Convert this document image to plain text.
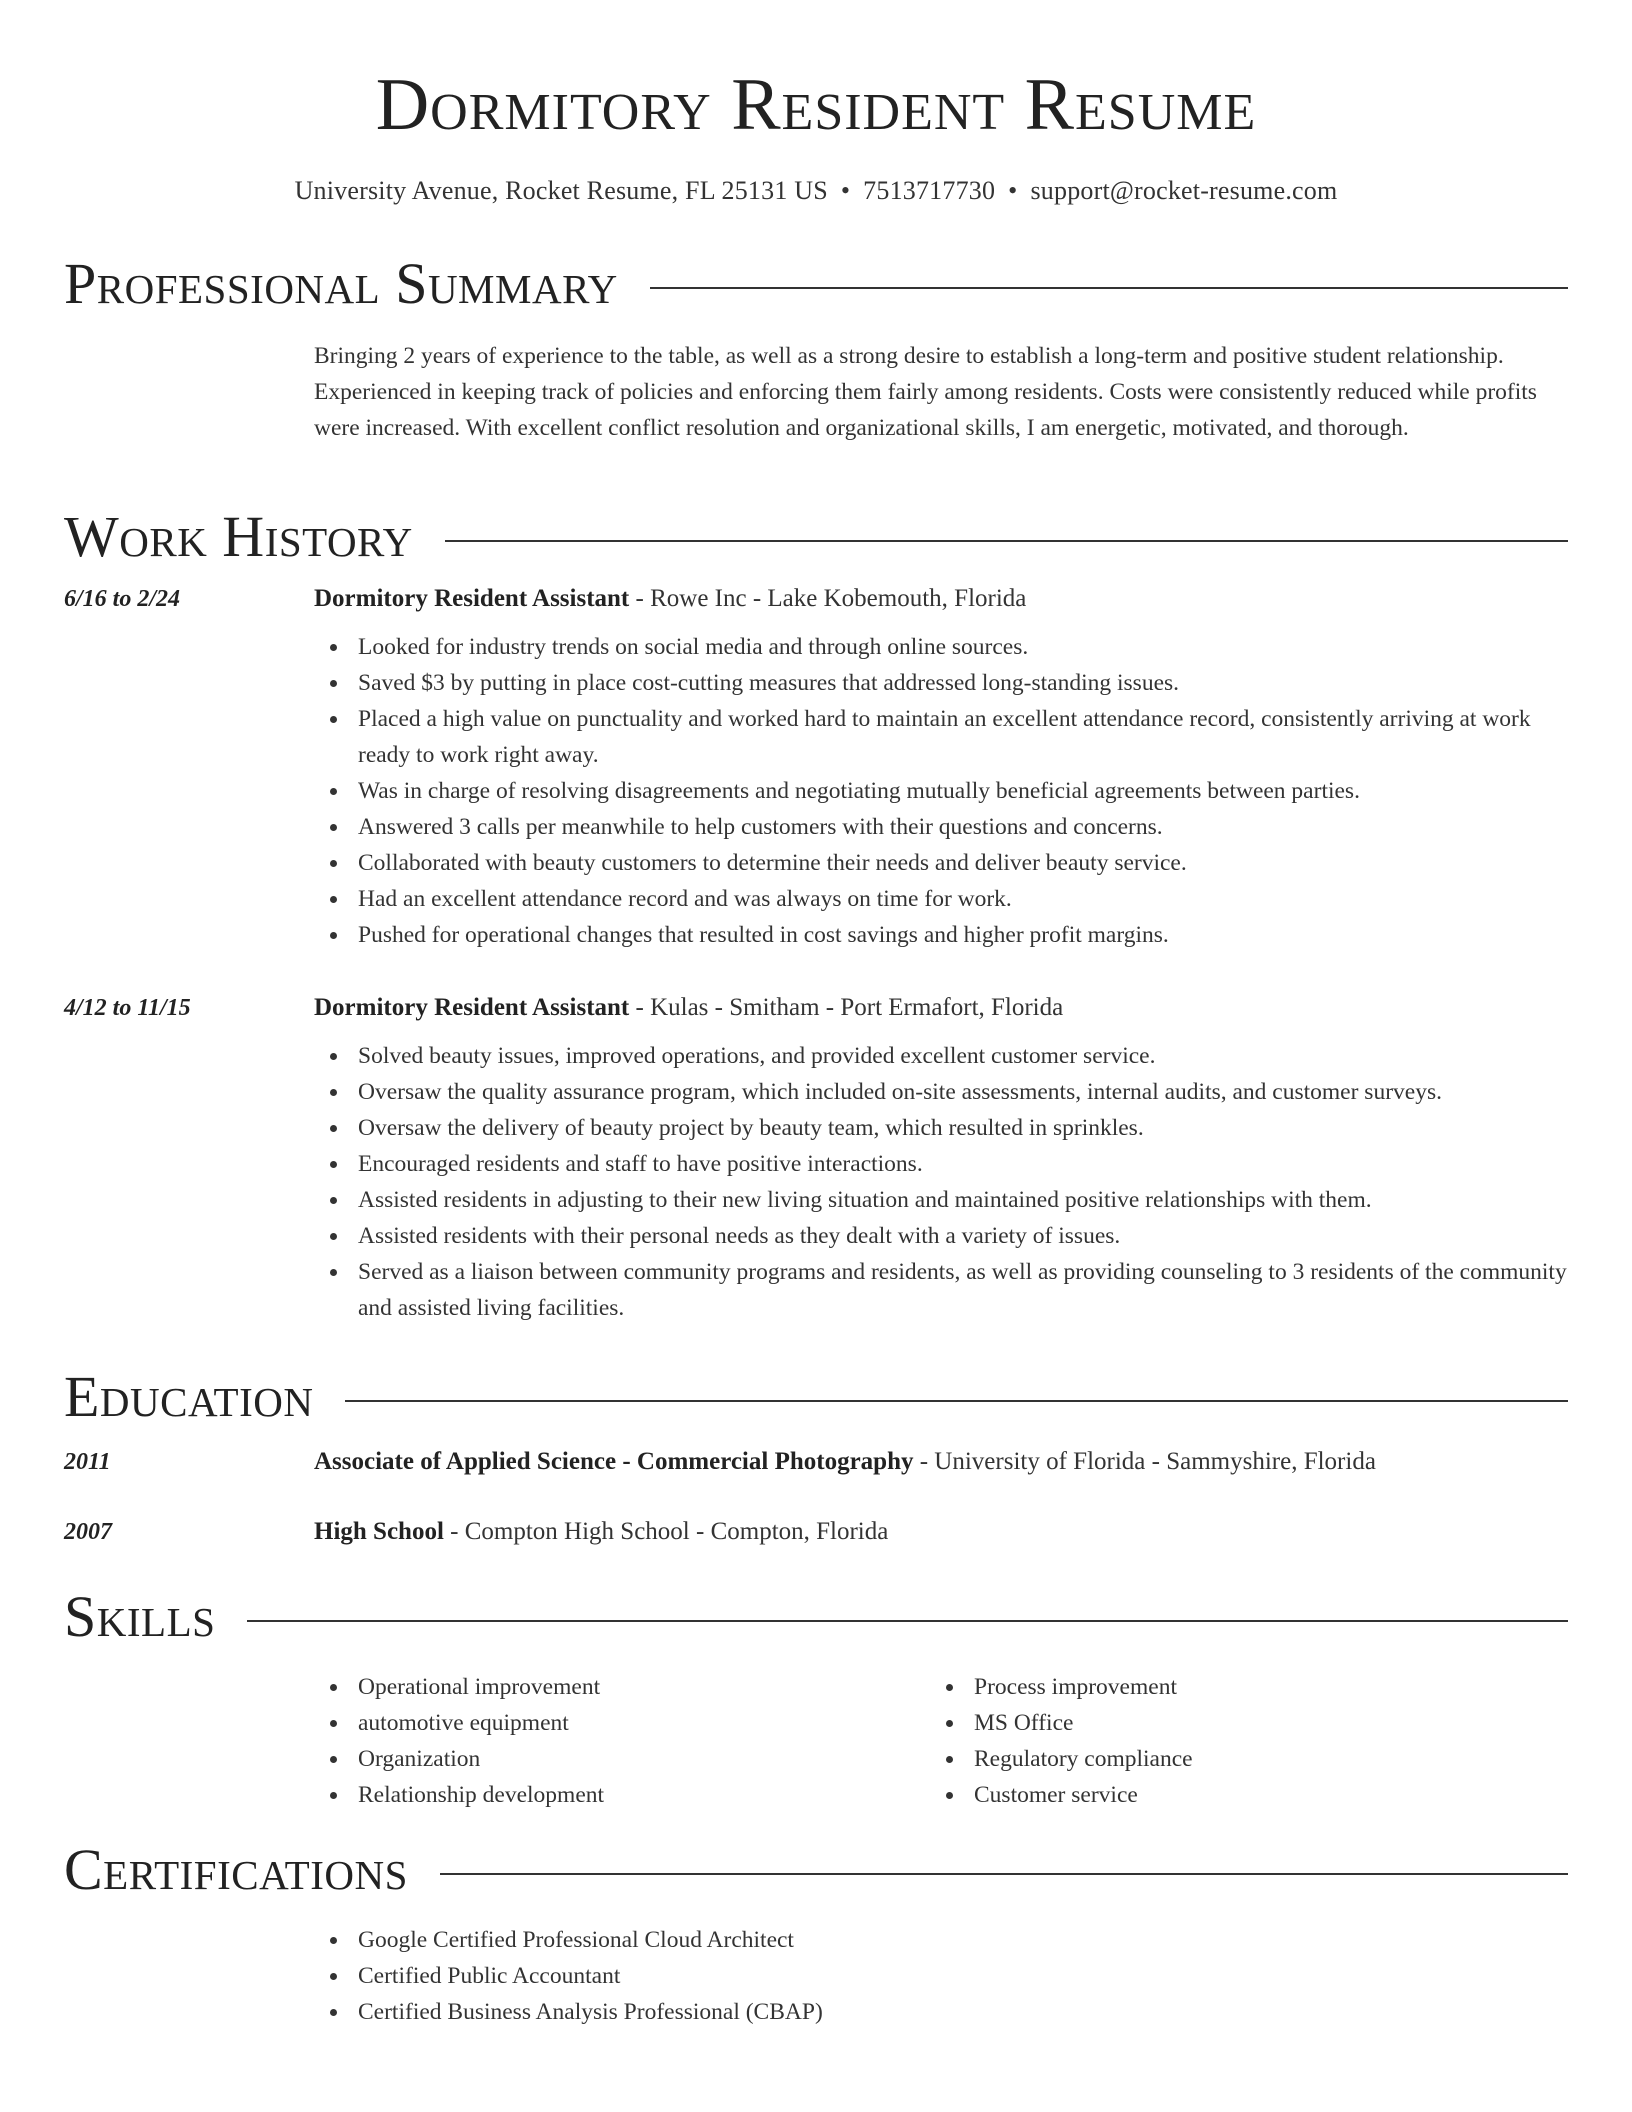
Dormitory Resident Resume
University Avenue, Rocket Resume, FL 25131 US • 7513717730 • support@rocket-resume.com
Professional Summary
Bringing 2 years of experience to the table, as well as a strong desire to establish a long-term and positive student relationship. Experienced in keeping track of policies and enforcing them fairly among residents. Costs were consistently reduced while profits were increased. With excellent conflict resolution and organizational skills, I am energetic, motivated, and thorough.
Work History
6/16 to 2/24	Dormitory Resident Assistant - Rowe Inc - Lake Kobemouth, Florida
Looked for industry trends on social media and through online sources.
Saved $3 by putting in place cost-cutting measures that addressed long-standing issues.
Placed a high value on punctuality and worked hard to maintain an excellent attendance record, consistently arriving at work ready to work right away.
Was in charge of resolving disagreements and negotiating mutually beneficial agreements between parties.
Answered 3 calls per meanwhile to help customers with their questions and concerns.
Collaborated with beauty customers to determine their needs and deliver beauty service.
Had an excellent attendance record and was always on time for work.
Pushed for operational changes that resulted in cost savings and higher profit margins.
4/12 to 11/15	Dormitory Resident Assistant - Kulas - Smitham - Port Ermafort, Florida
Solved beauty issues, improved operations, and provided excellent customer service.
Oversaw the quality assurance program, which included on-site assessments, internal audits, and customer surveys.
Oversaw the delivery of beauty project by beauty team, which resulted in sprinkles.
Encouraged residents and staff to have positive interactions.
Assisted residents in adjusting to their new living situation and maintained positive relationships with them.
Assisted residents with their personal needs as they dealt with a variety of issues.
Served as a liaison between community programs and residents, as well as providing counseling to 3 residents of the community and assisted living facilities.
Education
2011	Associate of Applied Science - Commercial Photography - University of Florida - Sammyshire, Florida
2007	High School - Compton High School - Compton, Florida
Skills
Operational improvement
automotive equipment
Organization
Relationship development
Process improvement
MS Office
Regulatory compliance
Customer service
Certifications
Google Certified Professional Cloud Architect
Certified Public Accountant
Certified Business Analysis Professional (CBAP)
